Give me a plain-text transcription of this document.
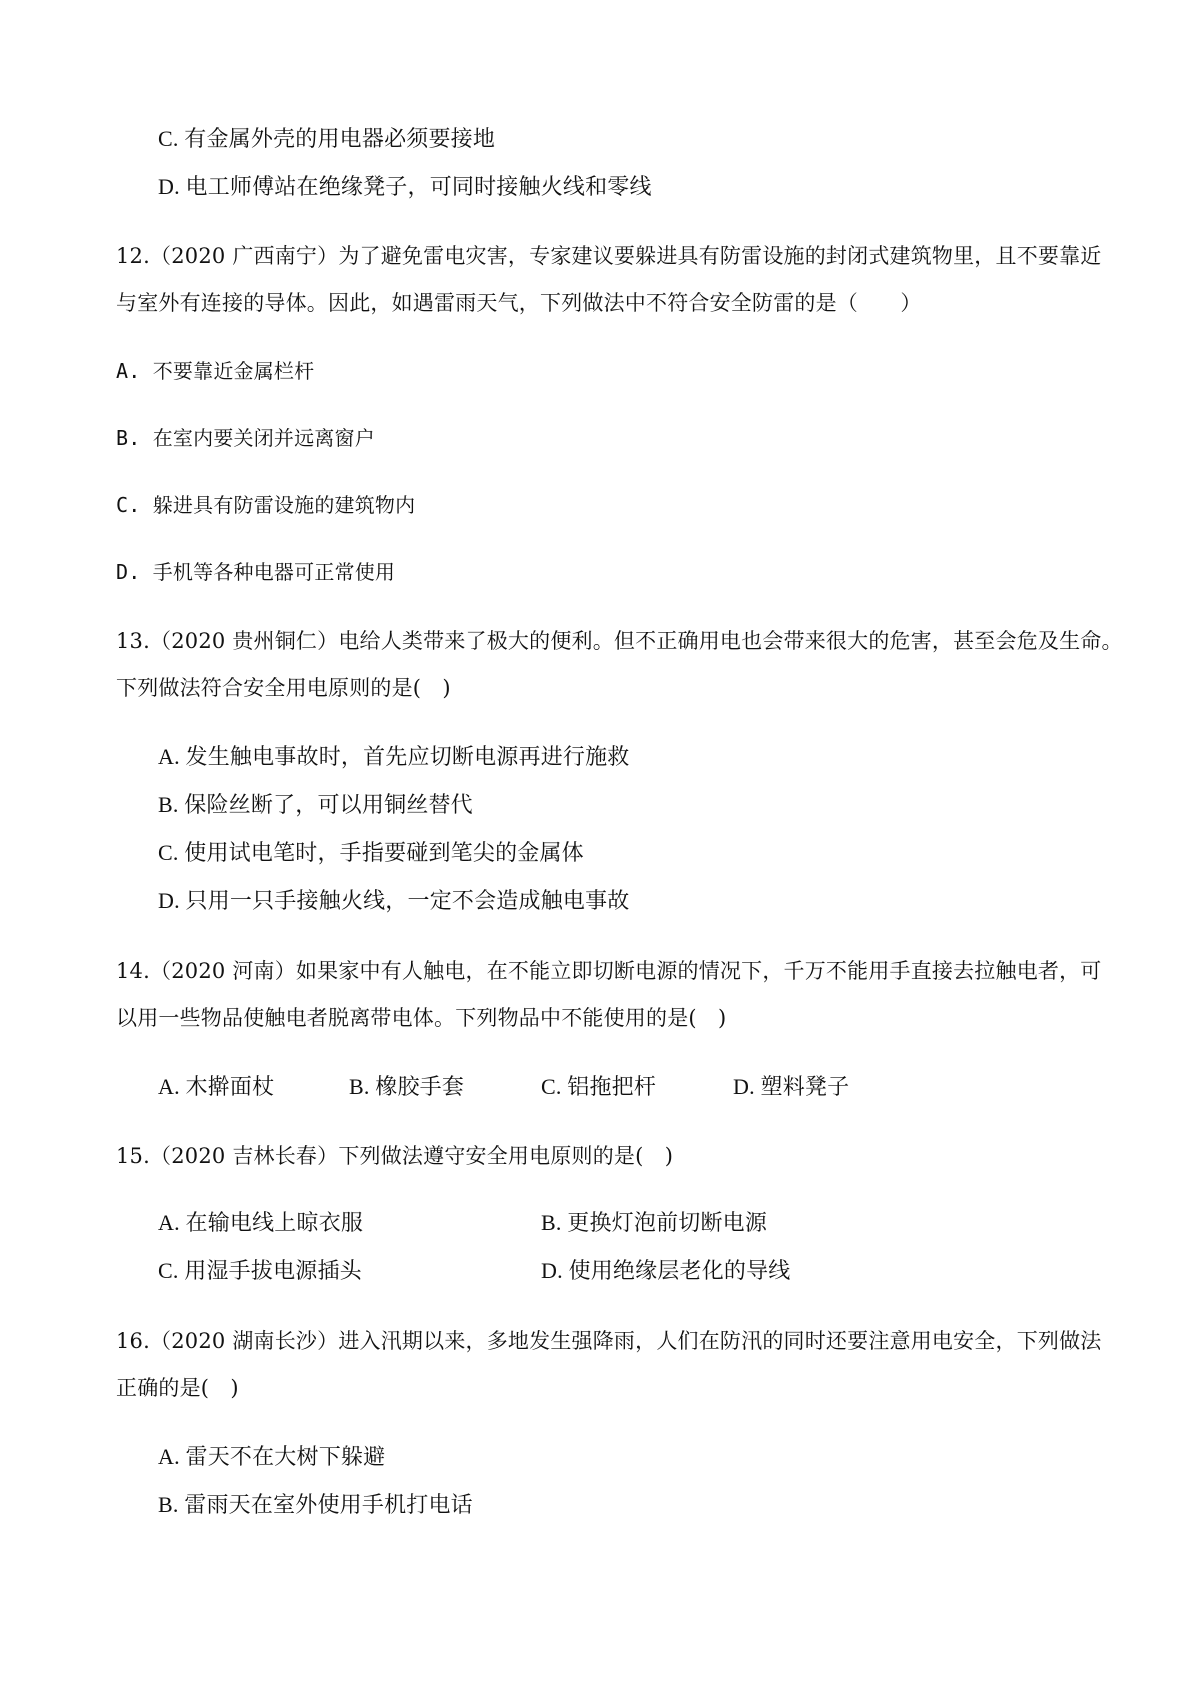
C. 有金属外壳的用电器必须要接地
D. 电工师傅站在绝缘凳子，可同时接触火线和零线
12.（2020 广西南宁）为了避免雷电灾害，专家建议要躲进具有防雷设施的封闭式建筑物里，且不要靠近
与室外有连接的导体。因此，如遇雷雨天气，下列做法中不符合安全防雷的是（　　）
A. 不要靠近金属栏杆
B. 在室内要关闭并远离窗户
C. 躲进具有防雷设施的建筑物内
D. 手机等各种电器可正常使用
13.（2020 贵州铜仁）电给人类带来了极大的便利。但不正确用电也会带来很大的危害，甚至会危及生命。
下列做法符合安全用电原则的是(　)
A. 发生触电事故时，首先应切断电源再进行施救
B. 保险丝断了，可以用铜丝替代
C. 使用试电笔时，手指要碰到笔尖的金属体
D. 只用一只手接触火线，一定不会造成触电事故
14.（2020 河南）如果家中有人触电，在不能立即切断电源的情况下，千万不能用手直接去拉触电者，可
以用一些物品使触电者脱离带电体。下列物品中不能使用的是(　)
A. 木擀面杖	B. 橡胶手套	C. 铝拖把杆	D. 塑料凳子
15.（2020 吉林长春）下列做法遵守安全用电原则的是(　)
A. 在输电线上晾衣服	B. 更换灯泡前切断电源
C. 用湿手拔电源插头	D. 使用绝缘层老化的导线
16.（2020 湖南长沙）进入汛期以来，多地发生强降雨，人们在防汛的同时还要注意用电安全，下列做法
正确的是(　)
A. 雷天不在大树下躲避
B. 雷雨天在室外使用手机打电话
